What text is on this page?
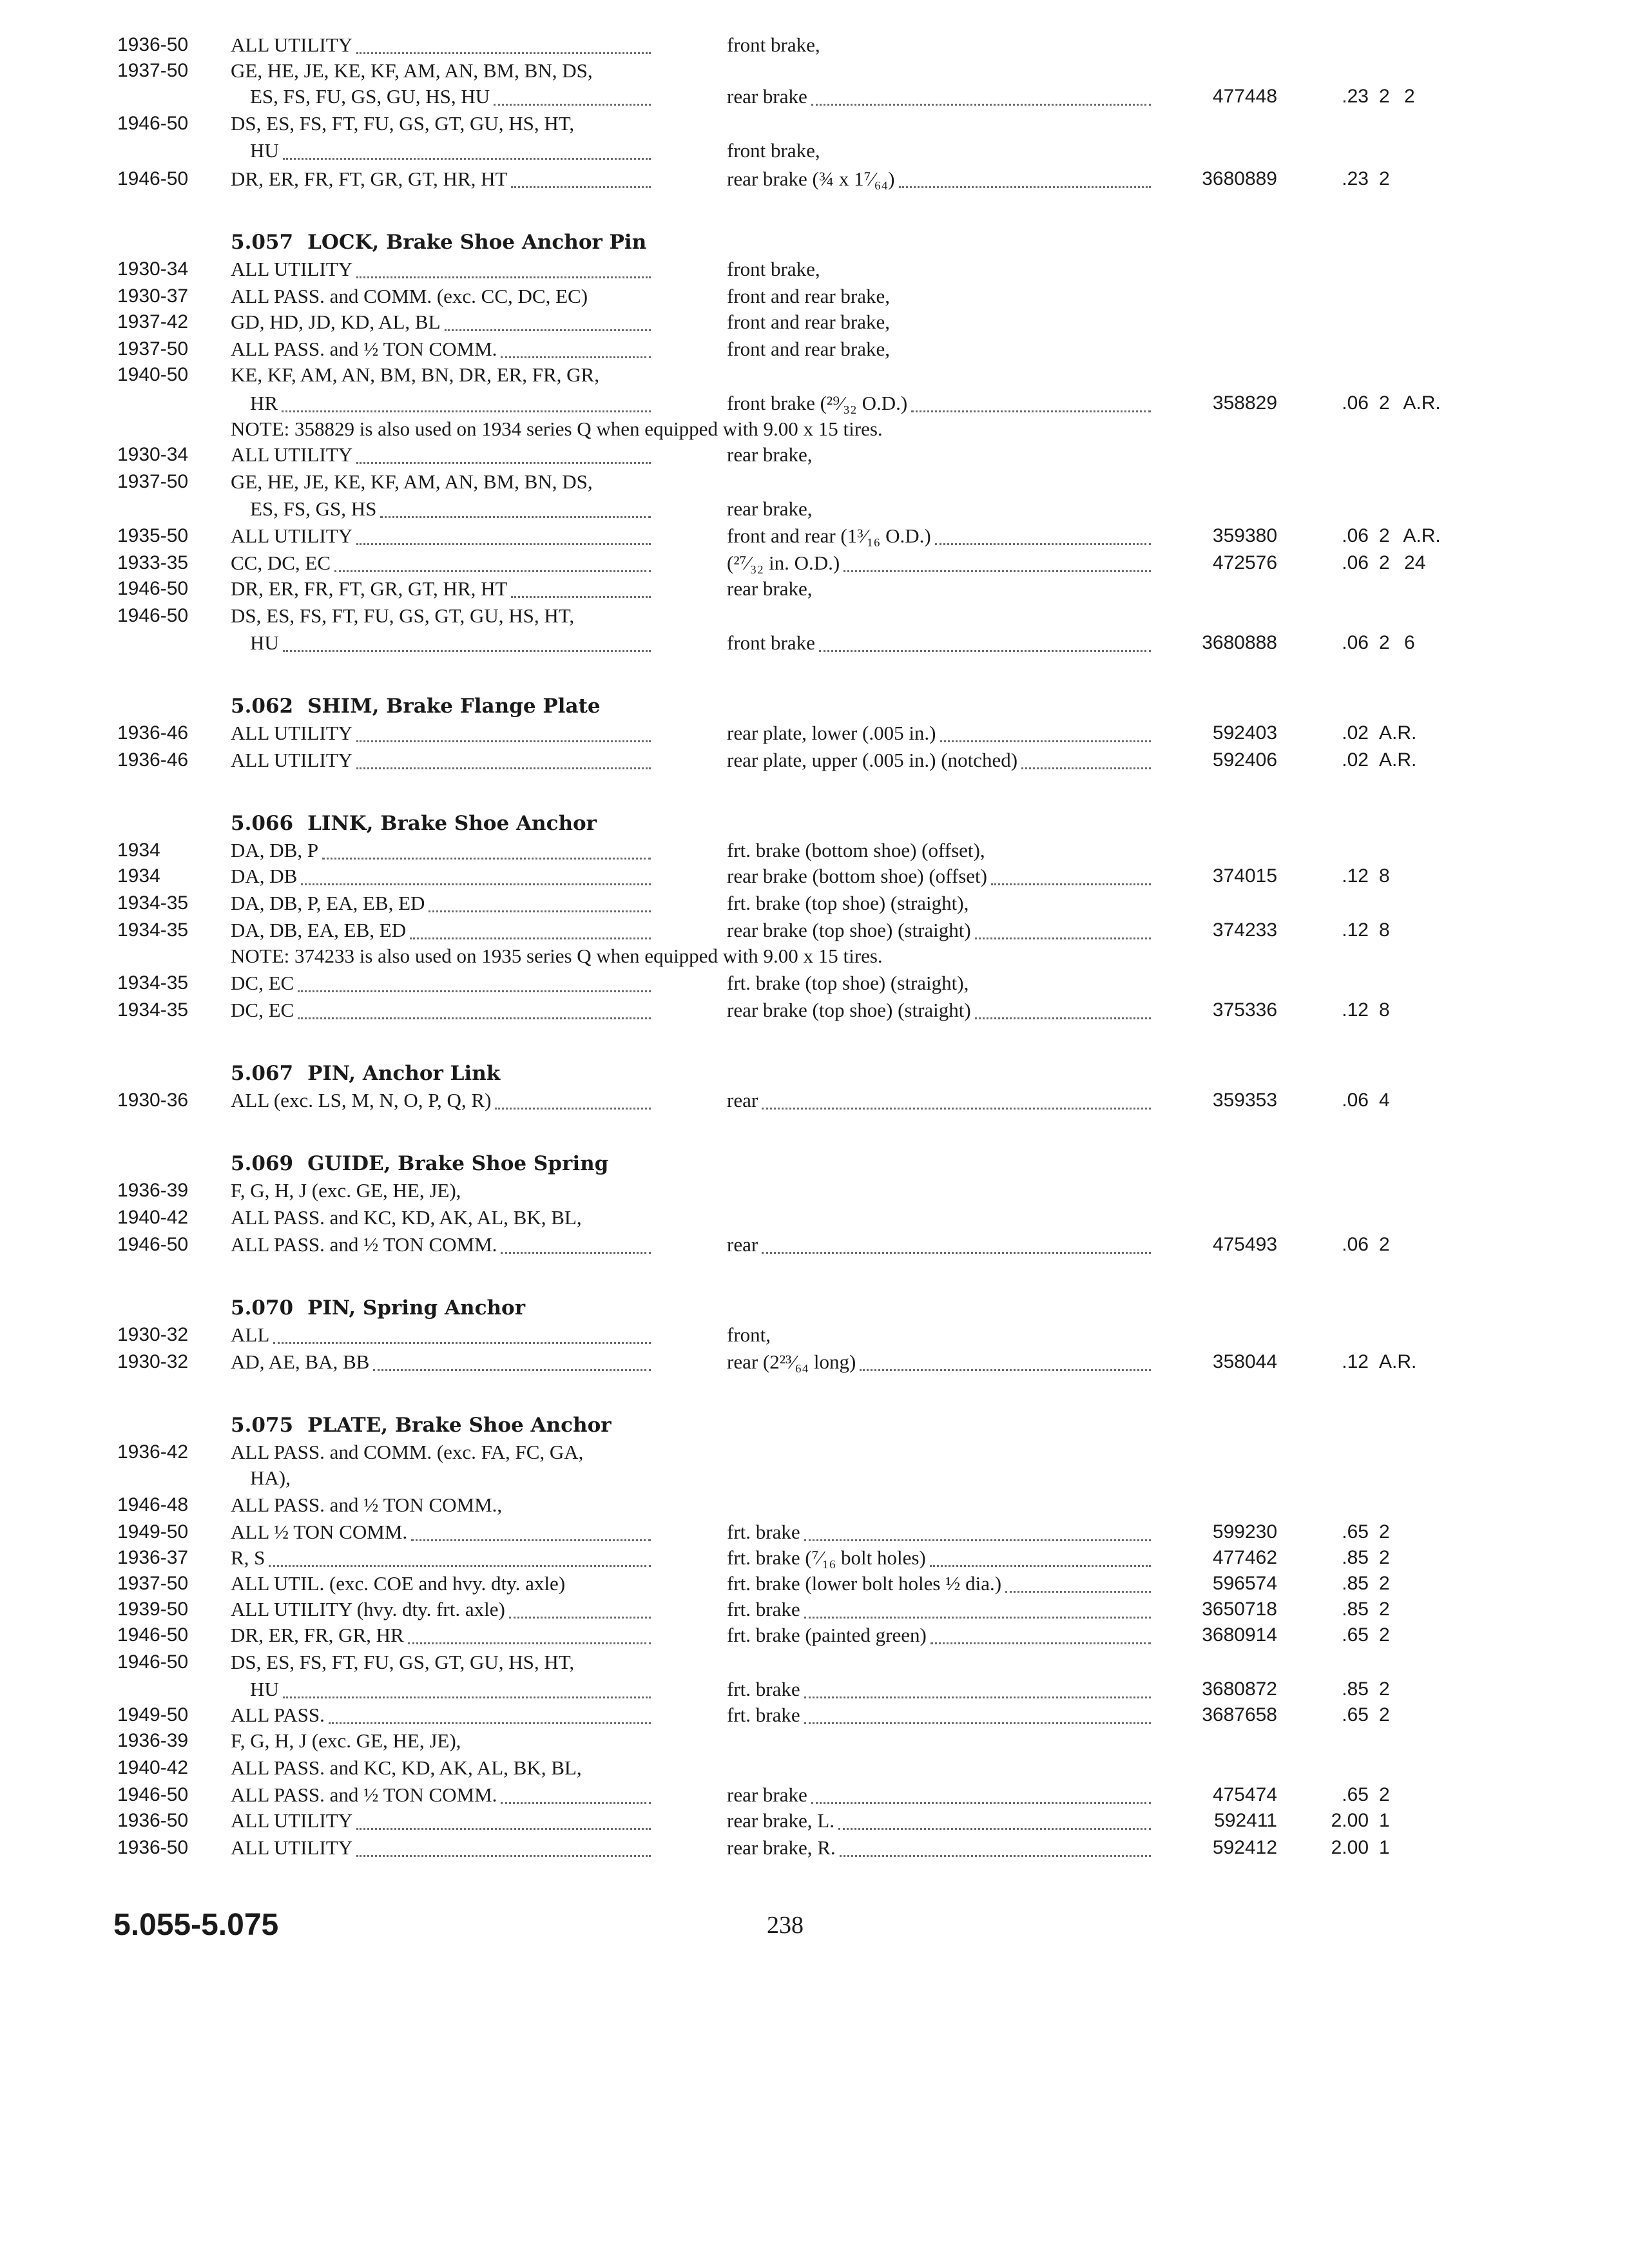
1936-50 ALL UTILITY	front brake,
1937-50 GE, HE, JE, KE, KF, AM, AN, BM, BN, DS,
ES, FS, FU, GS, GU, HS, HU	rear brake	477448	.23 2 2
1946-50 DS, ES, FS, FT, FU, GS, GT, GU, HS, HT,
HU	front brake,
1946-50 DR, ER, FR, FT, GR, GT, HR, HT	rear brake (¾ x 1⁷⁄₆₄)	3680889	.23 2
5.057 LOCK, Brake Shoe Anchor Pin
1930-34 ALL UTILITY	front brake,
1930-37 ALL PASS. and COMM. (exc. CC, DC, EC)	front and rear brake,
1937-42 GD, HD, JD, KD, AL, BL	front and rear brake,
1937-50 ALL PASS. and ½ TON COMM.	front and rear brake,
1940-50 KE, KF, AM, AN, BM, BN, DR, ER, FR, GR,
HR	front brake (²⁹⁄₃₂ O.D.)	358829	.06 2 A.R.
NOTE: 358829 is also used on 1934 series Q when equipped with 9.00 x 15 tires.
1930-34 ALL UTILITY	rear brake,
1937-50 GE, HE, JE, KE, KF, AM, AN, BM, BN, DS,
ES, FS, GS, HS	rear brake,
1935-50 ALL UTILITY	front and rear (1³⁄₁₆ O.D.)	359380	.06 2 A.R.
1933-35 CC, DC, EC	(²⁷⁄₃₂ in. O.D.)	472576	.06 2 24
1946-50 DR, ER, FR, FT, GR, GT, HR, HT	rear brake,
1946-50 DS, ES, FS, FT, FU, GS, GT, GU, HS, HT,
HU	front brake	3680888	.06 2 6
5.062 SHIM, Brake Flange Plate
1936-46 ALL UTILITY	rear plate, lower (.005 in.)	592403	.02 A.R.
1936-46 ALL UTILITY	rear plate, upper (.005 in.) (notched)	592406	.02 A.R.
5.066 LINK, Brake Shoe Anchor
1934	DA, DB, P	frt. brake (bottom shoe) (offset),
1934	DA, DB	rear brake (bottom shoe) (offset)	374015	.12 8
1934-35 DA, DB, P, EA, EB, ED	frt. brake (top shoe) (straight),
1934-35 DA, DB, EA, EB, ED	rear brake (top shoe) (straight)	374233	.12 8
NOTE: 374233 is also used on 1935 series Q when equipped with 9.00 x 15 tires.
1934-35 DC, EC	frt. brake (top shoe) (straight),
1934-35 DC, EC	rear brake (top shoe) (straight)	375336	.12 8
5.067 PIN, Anchor Link
1930-36 ALL (exc. LS, M, N, O, P, Q, R)	rear	359353	.06 4
5.069 GUIDE, Brake Shoe Spring
1936-39 F, G, H, J (exc. GE, HE, JE),
1940-42 ALL PASS. and KC, KD, AK, AL, BK, BL,
1946-50 ALL PASS. and ½ TON COMM.	rear	475493	.06 2
5.070 PIN, Spring Anchor
1930-32 ALL	front,
1930-32 AD, AE, BA, BB	rear (2²³⁄₆₄ long)	358044	.12 A.R.
5.075 PLATE, Brake Shoe Anchor
1936-42 ALL PASS. and COMM. (exc. FA, FC, GA,
HA),
1946-48 ALL PASS. and ½ TON COMM.,
1949-50 ALL ½ TON COMM.	frt. brake	599230	.65 2
1936-37 R, S	frt. brake (⁷⁄₁₆ bolt holes)	477462	.85 2
1937-50 ALL UTIL. (exc. COE and hvy. dty. axle)	frt. brake (lower bolt holes ½ dia.)	596574	.85 2
1939-50 ALL UTILITY (hvy. dty. frt. axle)	frt. brake	3650718	.85 2
1946-50 DR, ER, FR, GR, HR	frt. brake (painted green)	3680914	.65 2
1946-50 DS, ES, FS, FT, FU, GS, GT, GU, HS, HT,
HU	frt. brake	3680872	.85 2
1949-50 ALL PASS.	frt. brake	3687658	.65 2
1936-39 F, G, H, J (exc. GE, HE, JE),
1940-42 ALL PASS. and KC, KD, AK, AL, BK, BL,
1946-50 ALL PASS. and ½ TON COMM.	rear brake	475474	.65 2
1936-50 ALL UTILITY	rear brake, L.	592411	2.00 1
1936-50 ALL UTILITY	rear brake, R.	592412	2.00 1
5.055-5.075	238
